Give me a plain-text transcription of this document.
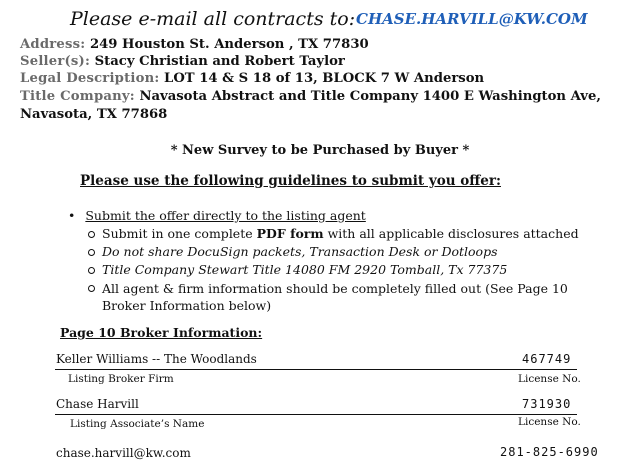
Please e-mail all contracts to: CHASE.HARVILL@KW.COM
Address: 249 Houston St. Anderson , TX 77830
Seller(s): Stacy Christian and Robert Taylor
Legal Description: LOT 14 & S 18 of 13, BLOCK 7 W Anderson
Title Company: Navasota Abstract and Title Company 1400 E Washington Ave, Navasota, TX 77868
* New Survey to be Purchased by Buyer *
Please use the following guidelines to submit you offer:
• Submit the offer directly to the listing agent
Submit in one complete PDF form with all applicable disclosures attached
Do not share DocuSign packets, Transaction Desk or Dotloops
Title Company Stewart Title 14080 FM 2920 Tomball, Tx 77375
All agent & firm information should be completely filled out (See Page 10 Broker Information below)
Page 10 Broker Information:
Keller Williams -- The Woodlands	467749
Listing Broker Firm	License No.
Chase Harvill	731930
Listing Associate’s Name	License No.
chase.harvill@kw.com	281-825-6990
